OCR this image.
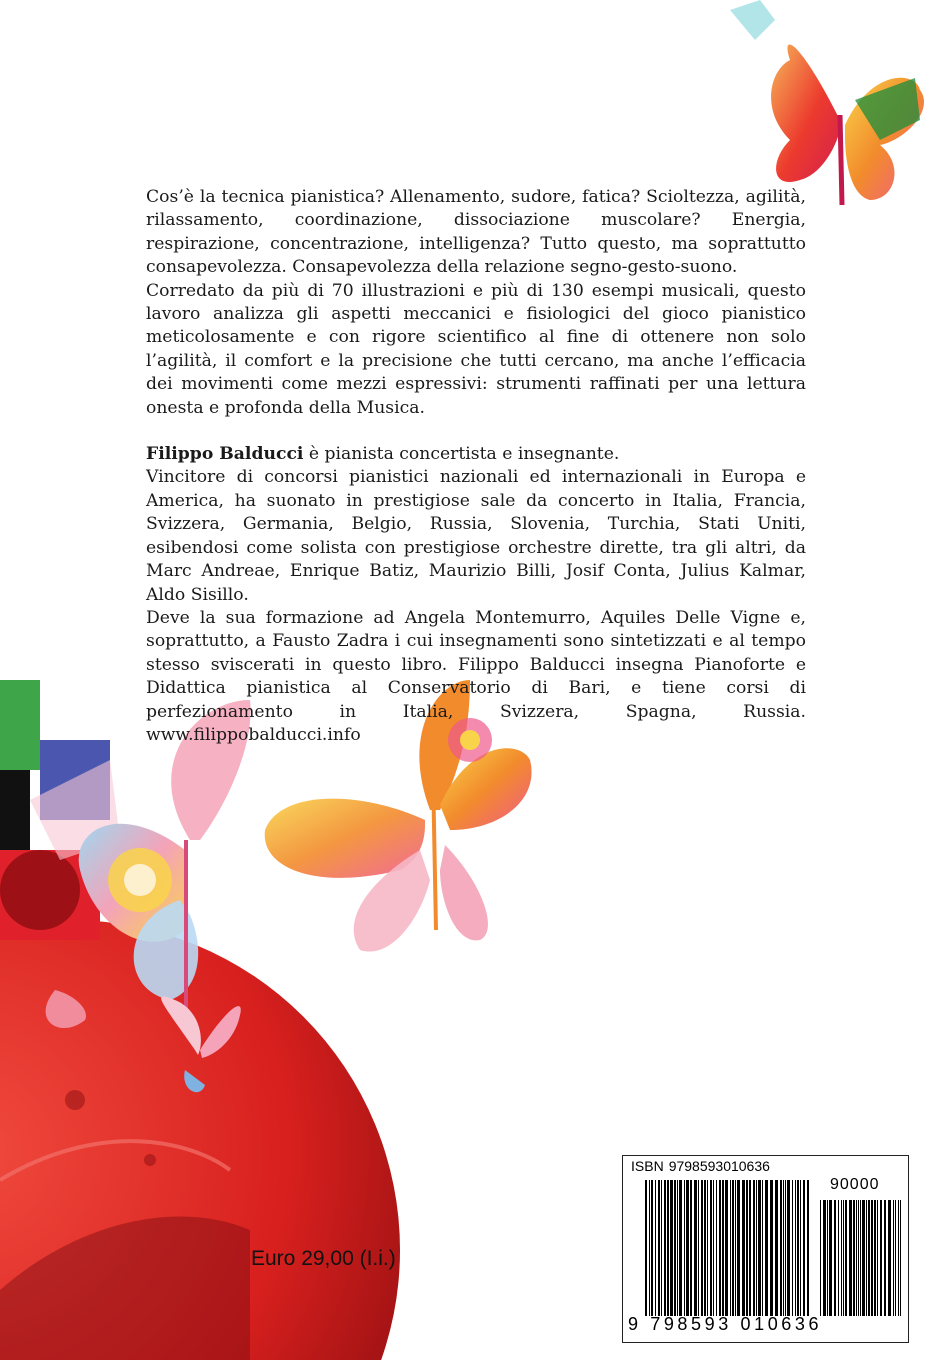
Cos’è la tecnica pianistica? Allenamento, sudore, fatica? Scioltezza, agilità, rilassamento, coordinazione, dissociazione muscolare? Energia, respirazione, concentrazione, intelligenza? Tutto questo, ma soprattutto consapevolezza. Consapevolezza della relazione segno-gesto-suono.

Corredato da più di 70 illustrazioni e più di 130 esempi musicali, questo lavoro analizza gli aspetti meccanici e fisiologici del gioco pianistico meticolosamente e con rigore scientifico al fine di ottenere non solo l’agilità, il comfort e la precisione che tutti cercano, ma anche l’efficacia dei movimenti come mezzi espressivi: strumenti raffinati per una lettura onesta e profonda della Musica.

Filippo Balducci è pianista concertista e insegnante.

Vincitore di concorsi pianistici nazionali ed internazionali in Europa e America, ha suonato in prestigiose sale da concerto in Italia, Francia, Svizzera, Germania, Belgio, Russia, Slovenia, Turchia, Stati Uniti, esibendosi come solista con prestigiose orchestre dirette, tra gli altri, da Marc Andreae, Enrique Batiz, Maurizio Billi, Josif Conta, Julius Kalmar, Aldo Sisillo.

Deve la sua formazione ad Angela Montemurro, Aquiles Delle Vigne e, soprattutto, a Fausto Zadra i cui insegnamenti sono sintetizzati e al tempo stesso sviscerati in questo libro. Filippo Balducci insegna Pianoforte e Didattica pianistica al Conservatorio di Bari, e tiene corsi di perfezionamento in Italia, Svizzera, Spagna, Russia. www.filippobalducci.info

Euro 29,00 (I.i.)
ISBN 9798593010636
90000
9 798593 010636
